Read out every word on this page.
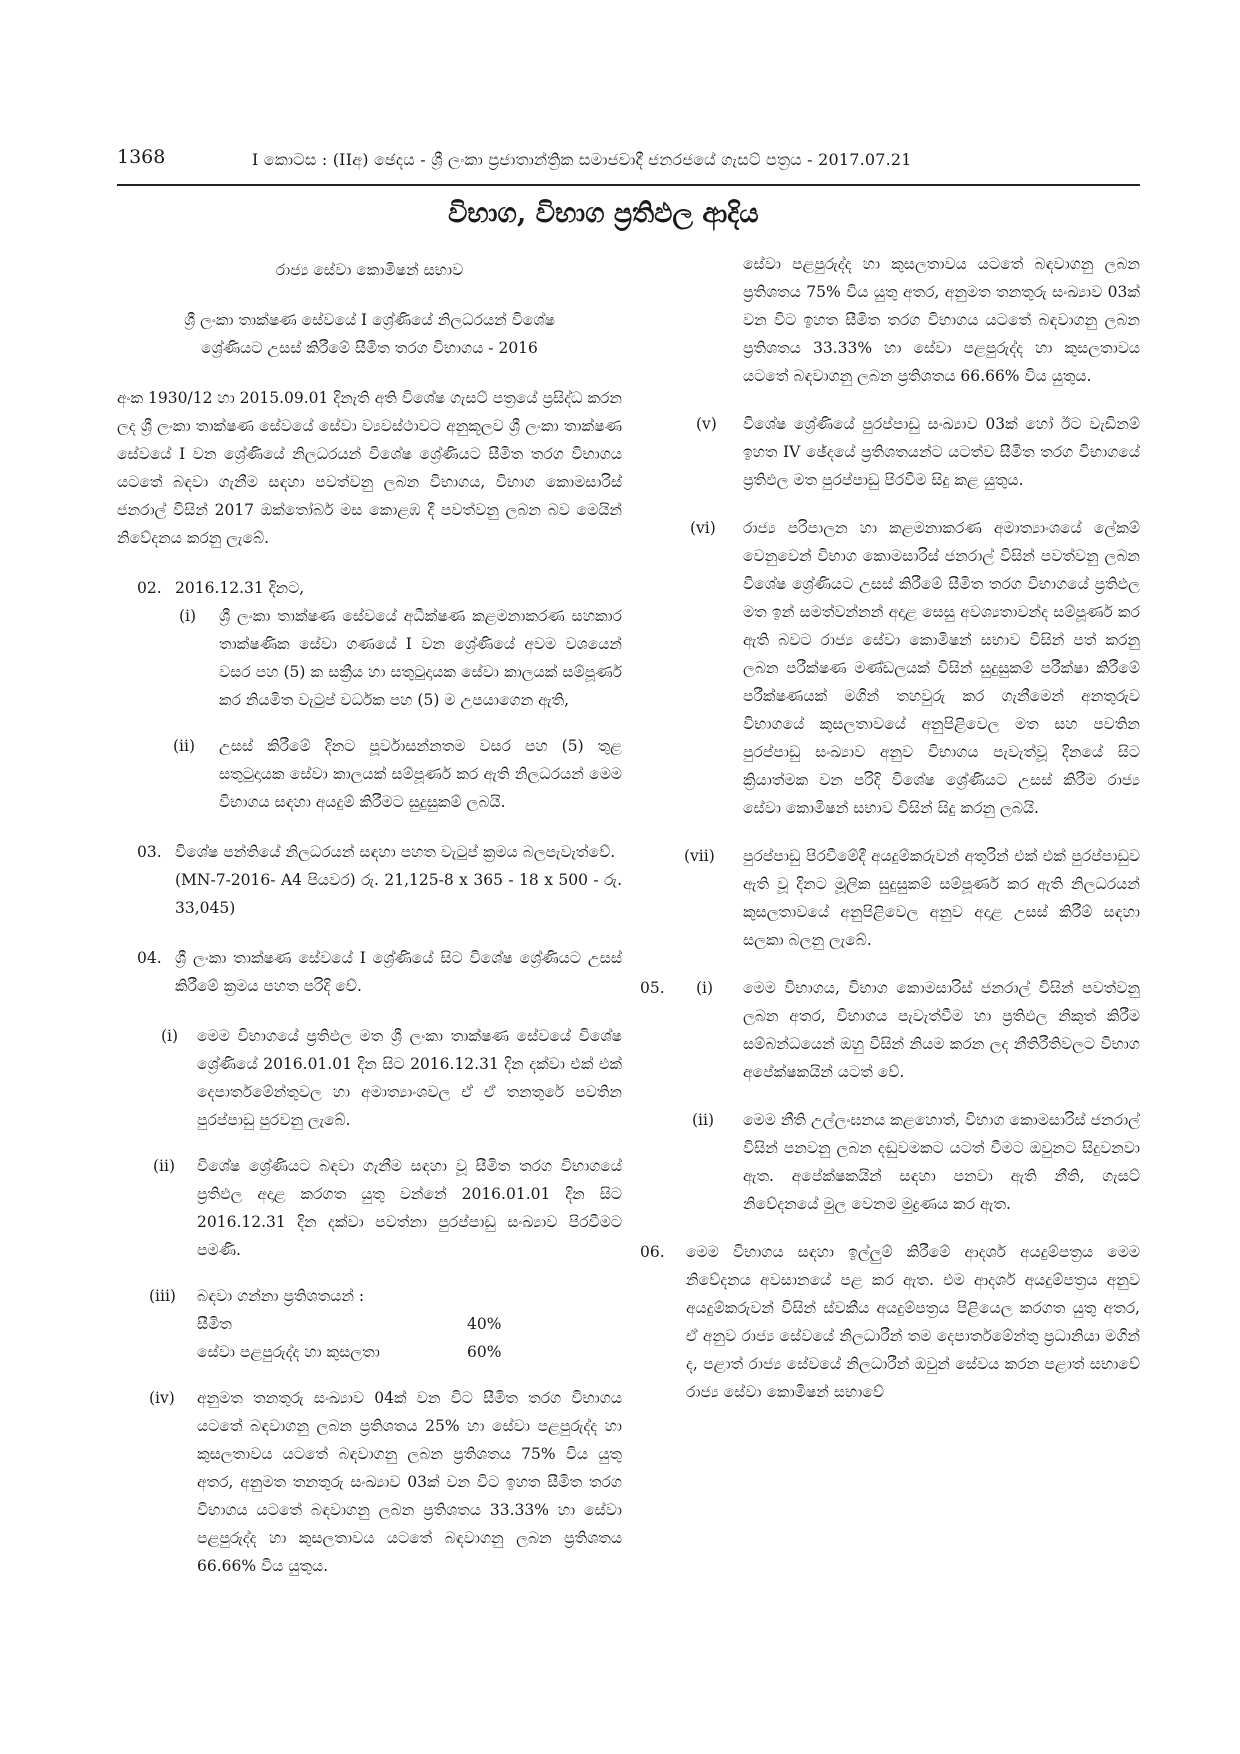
1368	I කොටස : (IIඅ) ඡෙදය - ශ්‍රී ලංකා ප්‍රජාතාන්ත්‍රික සමාජවාදී ජනරජයේ ගැසට් පත්‍රය - 2017.07.21
විභාග, විභාග ප්‍රතිඵල ආදිය

රාජ්‍ය සේවා කොමිෂන් සභාව

ශ්‍රී ලංකා තාක්ෂණ සේවයේ I ශ්‍රේණියේ නිලධරයන් විශේෂ

ශ්‍රේණියට උසස් කිරීමේ සීමිත තරග විභාගය - 2016

අංක 1930/12 හා 2015.09.01 දිනැති අති විශේෂ ගැසට් පත්‍රයේ ප්‍රසිද්ධ කරන ලද ශ්‍රී ලංකා තාක්ෂණ සේවයේ සේවා ව්‍යවස්ථාවට අනුකූලව ශ්‍රී ලංකා තාක්ෂණ සේවයේ I වන ශ්‍රේණියේ නිලධරයන් විශේෂ ශ්‍රේණියට සීමිත තරග විභාගය යටතේ බඳවා ගැනීම සඳහා පවත්වනු ලබන විභාගය, විභාග කොමසාරිස් ජනරාල් විසින් 2017 ඔක්තෝබර් මස කොළඹ දී පවත්වනු ලබන බව මෙයින් නිවේදනය කරනු ලැබේ.

02. 2016.12.31 දිනට,

(i) ශ්‍රී ලංකා තාක්ෂණ සේවයේ අධීක්ෂණ කළමනාකරණ සහකාර තාක්ෂණික සේවා ගණයේ I වන ශ්‍රේණියේ අවම වශයෙන් වසර පහ (5) ක සක්‍රීය හා සතුටුදායක සේවා කාලයක් සම්පූර්ණ කර නියමිත වැටුප් වර්ධක පහ (5) ම උපයාගෙන ඇති,

(ii) උසස් කිරීමේ දිනට පූර්වාසන්නතම වසර පහ (5) තුළ සතුටුදායක සේවා කාලයක් සම්පූර්ණ කර ඇති නිලධරයන් මෙම විභාගය සඳහා අයදුම් කිරීමට සුදුසුකම් ලබයි.

03. විශේෂ පන්තියේ නිලධරයන් සඳහා පහත වැටුප් ක්‍රමය බලපැවැත්වේ.

(MN-7-2016- A4 පියවර) රු. 21,125-8 x 365 - 18 x 500 - රු. 33,045)

04. ශ්‍රී ලංකා තාක්ෂණ සේවයේ I ශ්‍රේණියේ සිට විශේෂ ශ්‍රේණියට උසස් කිරීමේ ක්‍රමය පහත පරිදි වේ.

(i) මෙම විභාගයේ ප්‍රතිඵල මත ශ්‍රී ලංකා තාක්ෂණ සේවයේ විශේෂ ශ්‍රේණියේ 2016.01.01 දින සිට 2016.12.31 දින දක්වා එක් එක් දෙපාර්තමේන්තුවල හා අමාත්‍යාංශවල ඒ ඒ තනතුරේ පවතින පුරප්පාඩු පුරවනු ලැබේ.

(ii) විශේෂ ශ්‍රේණියට බඳවා ගැනීම සඳහා වූ සීමිත තරග විභාගයේ ප්‍රතිඵල අදාළ කරගත යුතු වන්නේ 2016.01.01 දින සිට 2016.12.31 දින දක්වා පවත්නා පුරප්පාඩු සංඛ්‍යාව පිරවීමට පමණි.

(iii) බඳවා ගන්නා ප්‍රතිශතයන් :

සීමිත	40%
සේවා පළපුරුද්ද හා කුසලතා	60%
(iv) අනුමත තනතුරු සංඛ්‍යාව 04ක් වන විට සීමිත තරග විභාගය යටතේ බඳවාගනු ලබන ප්‍රතිශතය 25% හා සේවා පළපුරුද්ද හා කුසලතාවය යටතේ බඳවාගනු ලබන ප්‍රතිශතය 75% විය යුතු අතර, අනුමත තනතුරු සංඛ්‍යාව 03ක් වන විට ඉහත සීමිත තරග විභාගය යටතේ බඳවාගනු ලබන ප්‍රතිශතය 33.33% හා සේවා පළපුරුද්ද හා කුසලතාවය යටතේ බඳවාගනු ලබන ප්‍රතිශතය 66.66% විය යුතුය.

සේවා පළපුරුද්ද හා කුසලතාවය යටතේ බඳවාගනු ලබන ප්‍රතිශතය 75% විය යුතු අතර, අනුමත තනතුරු සංඛ්‍යාව 03ක් වන විට ඉහත සීමිත තරග විභාගය යටතේ බඳවාගනු ලබන ප්‍රතිශතය 33.33% හා සේවා පළපුරුද්ද හා කුසලතාවය යටතේ බඳවාගනු ලබන ප්‍රතිශතය 66.66% විය යුතුය.

(v) විශේෂ ශ්‍රේණියේ පුරප්පාඩු සංඛ්‍යාව 03ක් හෝ ඊට වැඩිනම් ඉහත IV ඡේදයේ ප්‍රතිශතයන්ට යටත්ව සීමිත තරග විභාගයේ ප්‍රතිඵල මත පුරප්පාඩු පිරවීම සිදු කළ යුතුය.

(vi) රාජ්‍ය පරිපාලන හා කළමනාකරණ අමාත්‍යාංශයේ ලේකම් වෙනුවෙන් විභාග කොමසාරිස් ජනරාල් විසින් පවත්වනු ලබන විශේෂ ශ්‍රේණියට උසස් කිරීමේ සීමිත තරග විභාගයේ ප්‍රතිඵල මත ඉන් සමත්වන්නන් අදාළ සෙසු අවශ්‍යතාවන්ද සම්පූර්ණ කර ඇති බවට රාජ්‍ය සේවා කොමිෂන් සභාව විසින් පත් කරනු ලබන පරීක්ෂණ මණ්ඩලයක් විසින් සුදුසුකම් පරීක්ෂා කිරීමේ පරීක්ෂණයක් මගින් තහවුරු කර ගැනීමෙන් අනතුරුව විභාගයේ කුසලතාවයේ අනුපිළිවෙල මත සහ පවතින පුරප්පාඩු සංඛ්‍යාව අනුව විභාගය පැවැත්වූ දිනයේ සිට ක්‍රියාත්මක වන පරිදි විශේෂ ශ්‍රේණියට උසස් කිරීම රාජ්‍ය සේවා කොමිෂන් සභාව විසින් සිදු කරනු ලබයි.

(vii) පුරප්පාඩු පිරවීමේදී අයදුම්කරුවන් අතුරින් එක් එක් පුරප්පාඩුව ඇති වූ දිනට මූලික සුදුසුකම් සම්පූර්ණ කර ඇති නිලධරයන් කුසලතාවයේ අනුපිළිවෙල අනුව අදාළ උසස් කිරීම් සඳහා සලකා බලනු ලැබේ.

05. (i) මෙම විභාගය, විභාග කොමසාරිස් ජනරාල් විසින් පවත්වනු ලබන අතර, විභාගය පැවැත්වීම හා ප්‍රතිඵල නිකුත් කිරීම සම්බන්ධයෙන් ඔහු විසින් නියම කරන ලද නීතිරීතිවලට විභාග අපේක්ෂකයින් යටත් වේ.

(ii) මෙම නීති උල්ලංඝනය කළහොත්, විභාග කොමසාරිස් ජනරාල් විසින් පනවනු ලබන දඬුවමකට යටත් වීමට ඔවුනට සිදුවනවා ඇත. අපේක්ෂකයින් සඳහා පනවා ඇති නීති, ගැසට් නිවේදනයේ මුල වෙනම මුද්‍රණය කර ඇත.

06. මෙම විභාගය සඳහා ඉල්ලුම් කිරීමේ ආදර්ශ අයදුම්පත්‍රය මෙම නිවේදනය අවසානයේ පළ කර ඇත. එම ආදර්ශ අයදුම්පත්‍රය අනුව අයදුම්කරුවන් විසින් ස්වකීය අයදුම්පත්‍රය පිළියෙල කරගත යුතු අතර, ඒ අනුව රාජ්‍ය සේවයේ නිලධාරීන් තම දෙපාර්තමේන්තු ප්‍රධානියා මගින් ද, පළාත් රාජ්‍ය සේවයේ නිලධාරීන් ඔවුන් සේවය කරන පළාත් සභාවේ රාජ්‍ය සේවා කොමිෂන් සභාවේ
